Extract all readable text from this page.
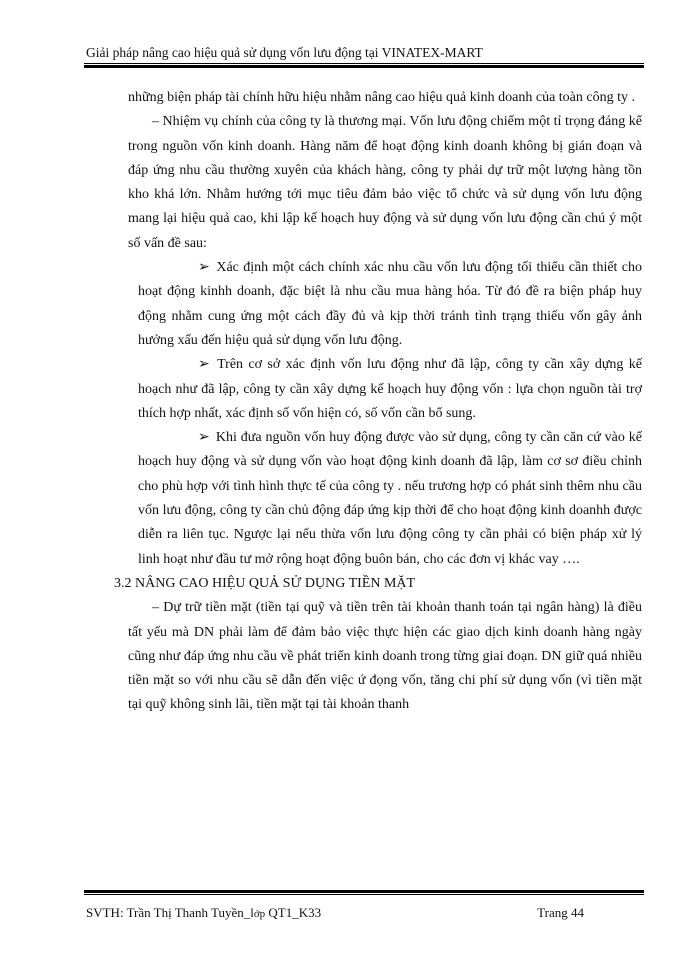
Giải pháp nâng cao hiệu quả sử dụng vốn lưu động tại VINATEX-MART

những biện pháp tài chính hữu hiệu nhằm nâng cao hiệu quả kinh doanh của toàn công ty .

– Nhiệm vụ chính của công ty là thương mại. Vốn lưu động chiếm một tỉ trọng đáng kể trong nguồn vốn kinh doanh. Hàng năm để hoạt động kinh doanh không bị gián đoạn và đáp ứng nhu cầu thường xuyên của khách hàng, công ty phải dự trữ một lượng hàng tồn kho khá lớn. Nhằm hướng tới mục tiêu đảm bảo việc tổ chức và sử dụng vốn lưu động mang lại hiệu quả cao, khi lập kế hoạch huy động và sử dụng vốn lưu động cần chú ý một số vấn đề sau:

➢ Xác định một cách chính xác nhu cầu vốn lưu động tối thiểu cần thiết cho hoạt động kinhh doanh, đặc biệt là nhu cầu mua hàng hóa. Từ đó đề ra biện pháp huy động nhằm cung ứng một cách đầy đủ và kịp thời tránh tình trạng thiếu vốn gây ảnh hưởng xấu đến hiệu quả sử dụng vốn lưu động.

➢ Trên cơ sở xác định vốn lưu động như đã lập, công ty cần xây dựng kế hoạch như đã lập, công ty cần xây dựng kế hoạch huy động vốn : lựa chọn nguồn tài trợ thích hợp nhất, xác định số vốn hiện có, số vốn cần bổ sung.

➢ Khi đưa nguồn vốn huy động được vào sử dụng, công ty cần căn cứ vào kế hoạch huy động và sử dụng vốn vào hoạt động kinh doanh đã lập, làm cơ sơ điều chỉnh cho phù hợp với tình hình thực tế của công ty . nếu trương hợp có phát sinh thêm nhu cầu vốn lưu động, công ty cần chủ động đáp ứng kịp thời để cho hoạt động kinh doanhh được diễn ra liên tục. Ngược lại nếu thừa vốn lưu động công ty cần phải có biện pháp xử lý linh hoạt như đầu tư mở rộng hoạt động buôn bán, cho các đơn vị khác vay ….

3.2 NÂNG CAO HIỆU QUẢ SỬ DỤNG TIỀN MẶT

– Dự trữ tiền mặt (tiền tại quỹ và tiền trên tài khoản thanh toán tại ngân hàng) là điều tất yếu mà DN phải làm để đảm bảo việc thực hiện các giao dịch kinh doanh hàng ngày cũng như đáp ứng nhu cầu về phát triển kinh doanh trong từng giai đoạn. DN giữ quá nhiều tiền mặt so với nhu cầu sẽ dẫn đến việc ứ đọng vốn, tăng chi phí sử dụng vốn (vì tiền mặt tại quỹ không sinh lãi, tiền mặt tại tài khoản thanh

SVTH: Trần Thị Thanh Tuyền_lớp QT1_K33	Trang 44
